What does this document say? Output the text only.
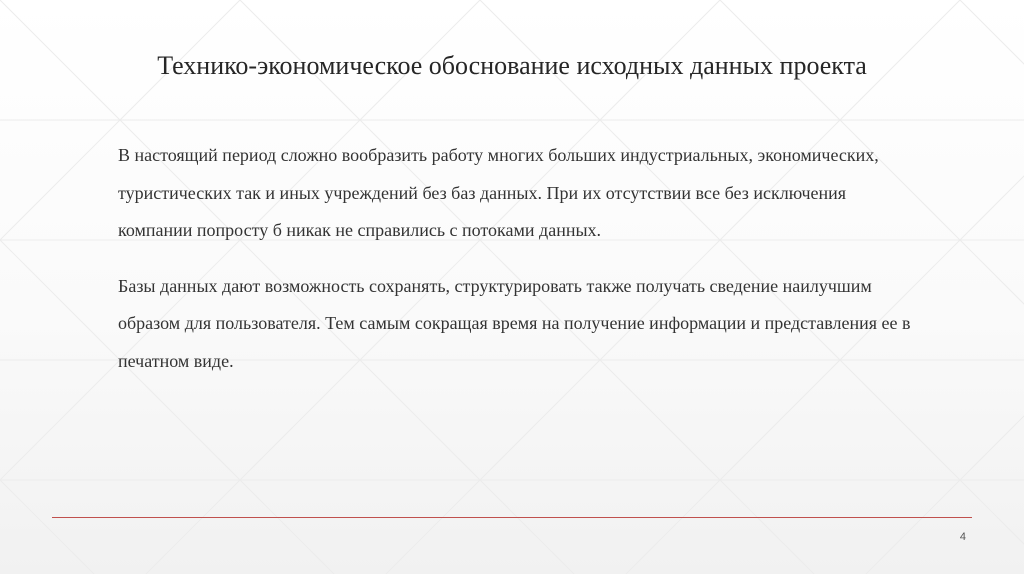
Технико-экономическое обоснование исходных данных проекта

В настоящий период сложно вообразить работу многих больших индустриальных, экономических, туристических так и иных учреждений без баз данных. При их отсутствии все без исключения компании попросту б никак не справились с потоками данных.

Базы данных дают возможность сохранять, структурировать также получать сведение наилучшим образом для пользователя. Тем самым сокращая время на получение информации и представления ее в печатном виде.

4
